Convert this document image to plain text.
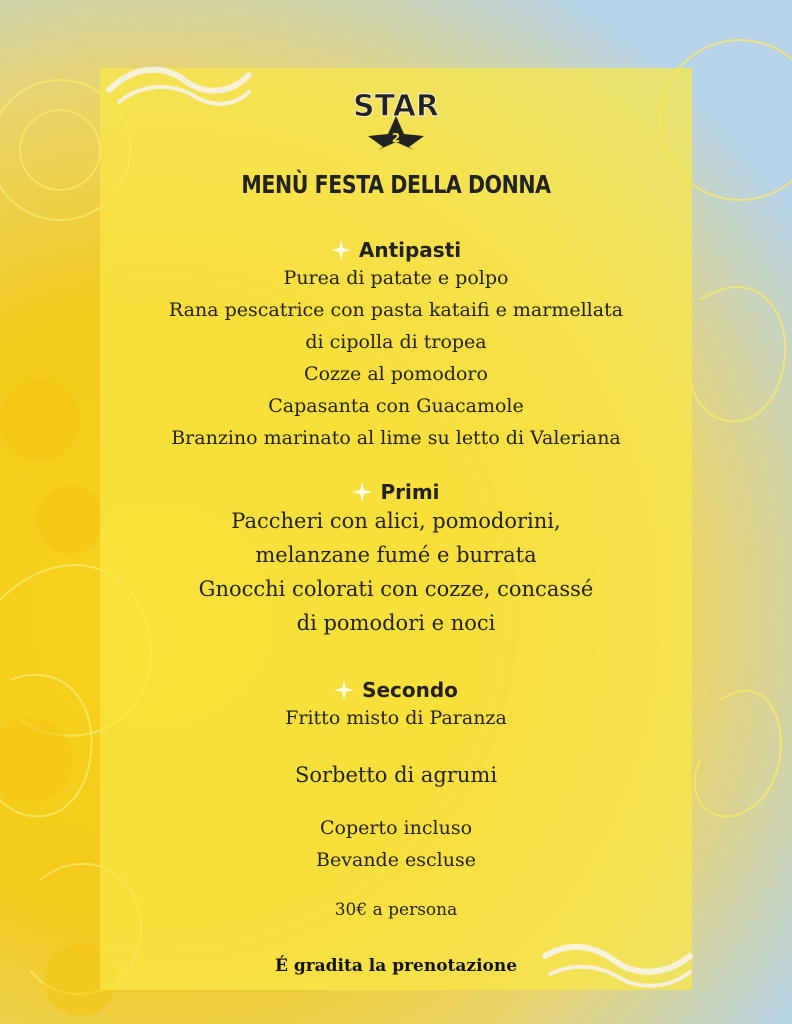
STAR
2
MENÙ FESTA DELLA DONNA
Antipasti
Purea di patate e polpo
Rana pescatrice con pasta kataifi e marmellata
di cipolla di tropea
Cozze al pomodoro
Capasanta con Guacamole
Branzino marinato al lime su letto di Valeriana
Primi
Paccheri con alici, pomodorini,
melanzane fumé e burrata
Gnocchi colorati con cozze, concassé
di pomodori e noci
Secondo
Fritto misto di Paranza
Sorbetto di agrumi
Coperto incluso
Bevande escluse
30€ a persona
É gradita la prenotazione
